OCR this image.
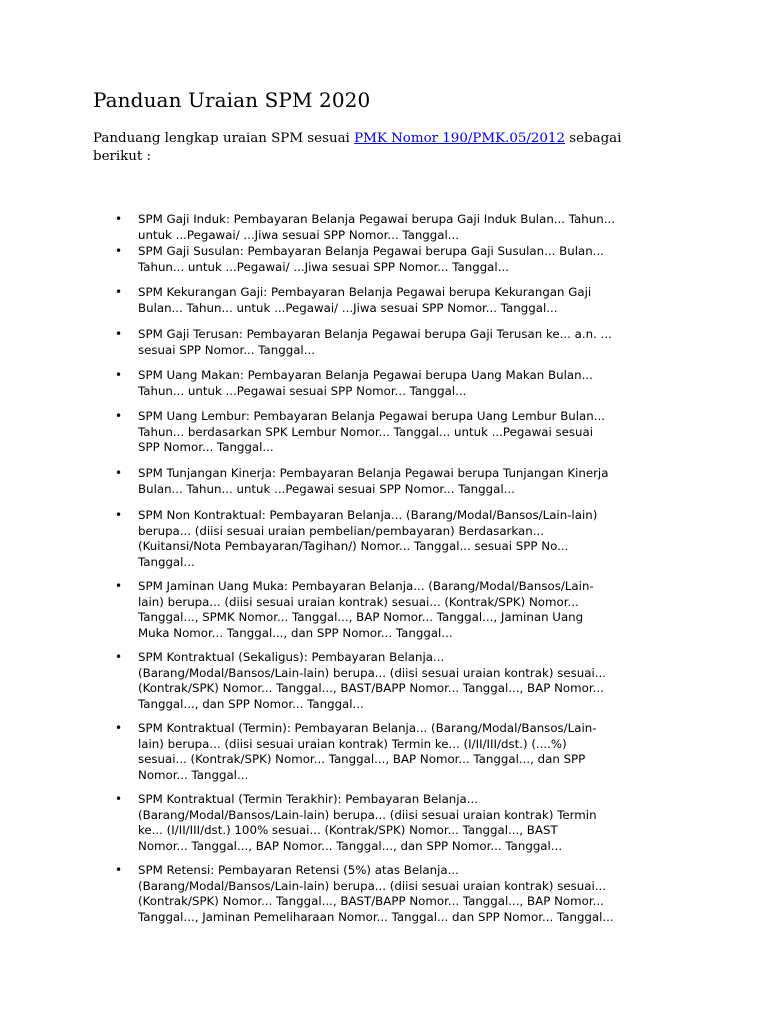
Panduan Uraian SPM 2020

Panduang lengkap uraian SPM sesuai PMK Nomor 190/PMK.05/2012 sebagai
berikut :

• SPM Gaji Induk: Pembayaran Belanja Pegawai berupa Gaji Induk Bulan... Tahun...
untuk ...Pegawai/ ...Jiwa sesuai SPP Nomor... Tanggal...
• SPM Gaji Susulan: Pembayaran Belanja Pegawai berupa Gaji Susulan... Bulan...
Tahun... untuk ...Pegawai/ ...Jiwa sesuai SPP Nomor... Tanggal...
• SPM Kekurangan Gaji: Pembayaran Belanja Pegawai berupa Kekurangan Gaji
Bulan... Tahun... untuk ...Pegawai/ ...Jiwa sesuai SPP Nomor... Tanggal...
• SPM Gaji Terusan: Pembayaran Belanja Pegawai berupa Gaji Terusan ke... a.n. ...
sesuai SPP Nomor... Tanggal...
• SPM Uang Makan: Pembayaran Belanja Pegawai berupa Uang Makan Bulan...
Tahun... untuk ...Pegawai sesuai SPP Nomor... Tanggal...
• SPM Uang Lembur: Pembayaran Belanja Pegawai berupa Uang Lembur Bulan...
Tahun... berdasarkan SPK Lembur Nomor... Tanggal... untuk ...Pegawai sesuai
SPP Nomor... Tanggal...
• SPM Tunjangan Kinerja: Pembayaran Belanja Pegawai berupa Tunjangan Kinerja
Bulan... Tahun... untuk ...Pegawai sesuai SPP Nomor... Tanggal...
• SPM Non Kontraktual: Pembayaran Belanja... (Barang/Modal/Bansos/Lain-lain)
berupa... (diisi sesuai uraian pembelian/pembayaran) Berdasarkan...
(Kuitansi/Nota Pembayaran/Tagihan/) Nomor... Tanggal... sesuai SPP No...
Tanggal...
• SPM Jaminan Uang Muka: Pembayaran Belanja... (Barang/Modal/Bansos/Lain-
lain) berupa... (diisi sesuai uraian kontrak) sesuai... (Kontrak/SPK) Nomor...
Tanggal..., SPMK Nomor... Tanggal..., BAP Nomor... Tanggal..., Jaminan Uang
Muka Nomor... Tanggal..., dan SPP Nomor... Tanggal...
• SPM Kontraktual (Sekaligus): Pembayaran Belanja...
(Barang/Modal/Bansos/Lain-lain) berupa... (diisi sesuai uraian kontrak) sesuai...
(Kontrak/SPK) Nomor... Tanggal..., BAST/BAPP Nomor... Tanggal..., BAP Nomor...
Tanggal..., dan SPP Nomor... Tanggal...
• SPM Kontraktual (Termin): Pembayaran Belanja... (Barang/Modal/Bansos/Lain-
lain) berupa... (diisi sesuai uraian kontrak) Termin ke... (I/II/III/dst.) (....%)
sesuai... (Kontrak/SPK) Nomor... Tanggal..., BAP Nomor... Tanggal..., dan SPP
Nomor... Tanggal...
• SPM Kontraktual (Termin Terakhir): Pembayaran Belanja...
(Barang/Modal/Bansos/Lain-lain) berupa... (diisi sesuai uraian kontrak) Termin
ke... (I/II/III/dst.) 100% sesuai... (Kontrak/SPK) Nomor... Tanggal..., BAST
Nomor... Tanggal..., BAP Nomor... Tanggal..., dan SPP Nomor... Tanggal...
• SPM Retensi: Pembayaran Retensi (5%) atas Belanja...
(Barang/Modal/Bansos/Lain-lain) berupa... (diisi sesuai uraian kontrak) sesuai...
(Kontrak/SPK) Nomor... Tanggal..., BAST/BAPP Nomor... Tanggal..., BAP Nomor...
Tanggal..., Jaminan Pemeliharaan Nomor... Tanggal... dan SPP Nomor... Tanggal...
